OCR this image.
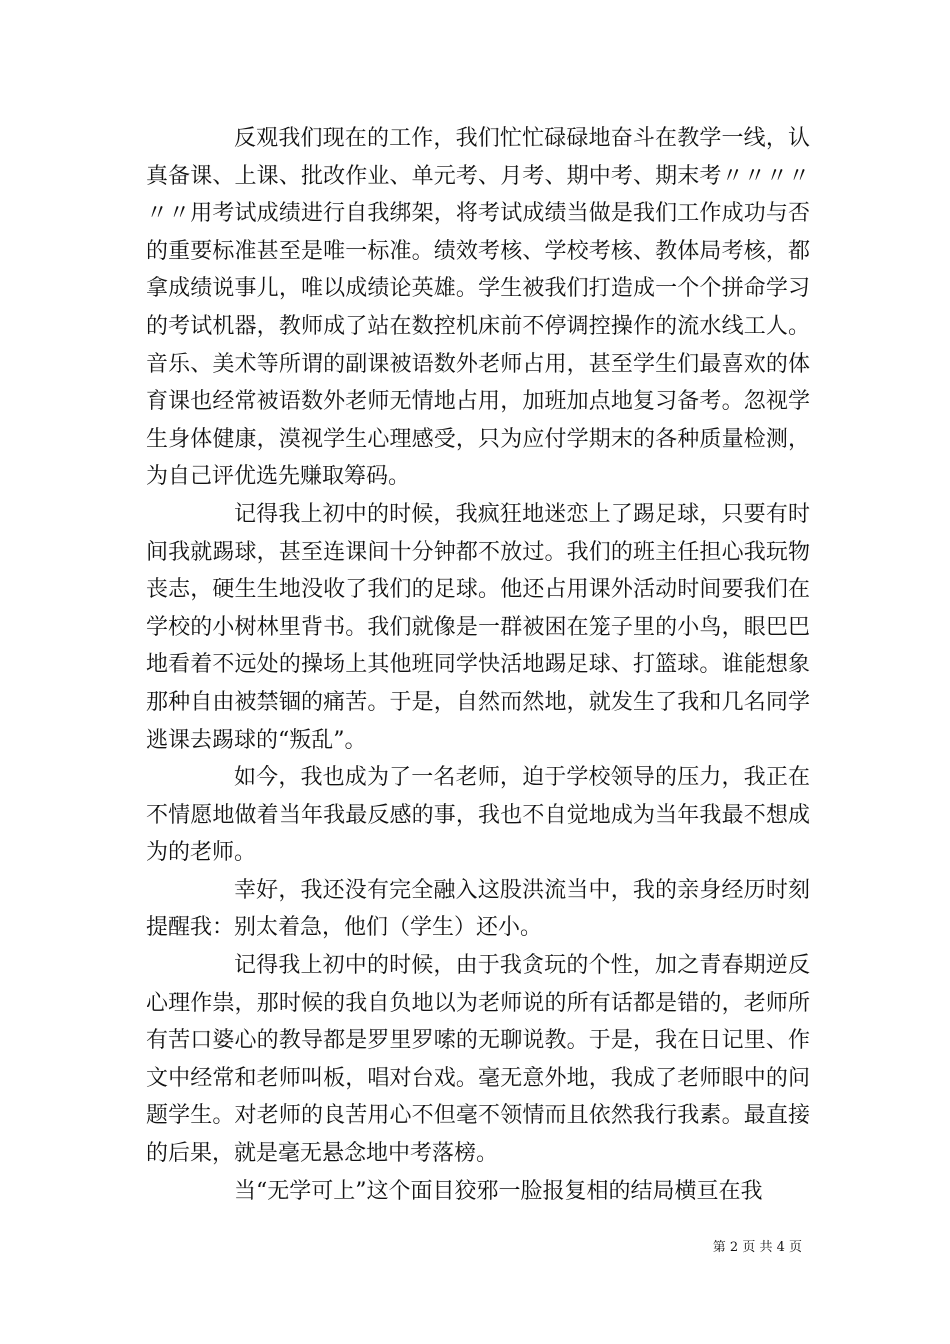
反观我们现在的工作，我们忙忙碌碌地奋斗在教学一线，认真备课、上课、批改作业、单元考、月考、期中考、期末考〃〃〃〃〃〃用考试成绩进行自我绑架，将考试成绩当做是我们工作成功与否的重要标准甚至是唯一标准。绩效考核、学校考核、教体局考核，都拿成绩说事儿，唯以成绩论英雄。学生被我们打造成一个个拼命学习的考试机器，教师成了站在数控机床前不停调控操作的流水线工人。音乐、美术等所谓的副课被语数外老师占用，甚至学生们最喜欢的体育课也经常被语数外老师无情地占用，加班加点地复习备考。忽视学生身体健康，漠视学生心理感受，只为应付学期末的各种质量检测，为自己评优选先赚取筹码。

记得我上初中的时候，我疯狂地迷恋上了踢足球，只要有时间我就踢球，甚至连课间十分钟都不放过。我们的班主任担心我玩物丧志，硬生生地没收了我们的足球。他还占用课外活动时间要我们在学校的小树林里背书。我们就像是一群被困在笼子里的小鸟，眼巴巴地看着不远处的操场上其他班同学快活地踢足球、打篮球。谁能想象那种自由被禁锢的痛苦。于是，自然而然地，就发生了我和几名同学逃课去踢球的“叛乱”。

如今，我也成为了一名老师，迫于学校领导的压力，我正在不情愿地做着当年我最反感的事，我也不自觉地成为当年我最不想成为的老师。

幸好，我还没有完全融入这股洪流当中，我的亲身经历时刻提醒我：别太着急，他们（学生）还小。

记得我上初中的时候，由于我贪玩的个性，加之青春期逆反心理作祟，那时候的我自负地以为老师说的所有话都是错的，老师所有苦口婆心的教导都是罗里罗嗦的无聊说教。于是，我在日记里、作文中经常和老师叫板，唱对台戏。毫无意外地，我成了老师眼中的问题学生。对老师的良苦用心不但毫不领情而且依然我行我素。最直接的后果，就是毫无悬念地中考落榜。

当“无学可上”这个面目狡邪一脸报复相的结局横亘在我

第 2 页 共 4 页
